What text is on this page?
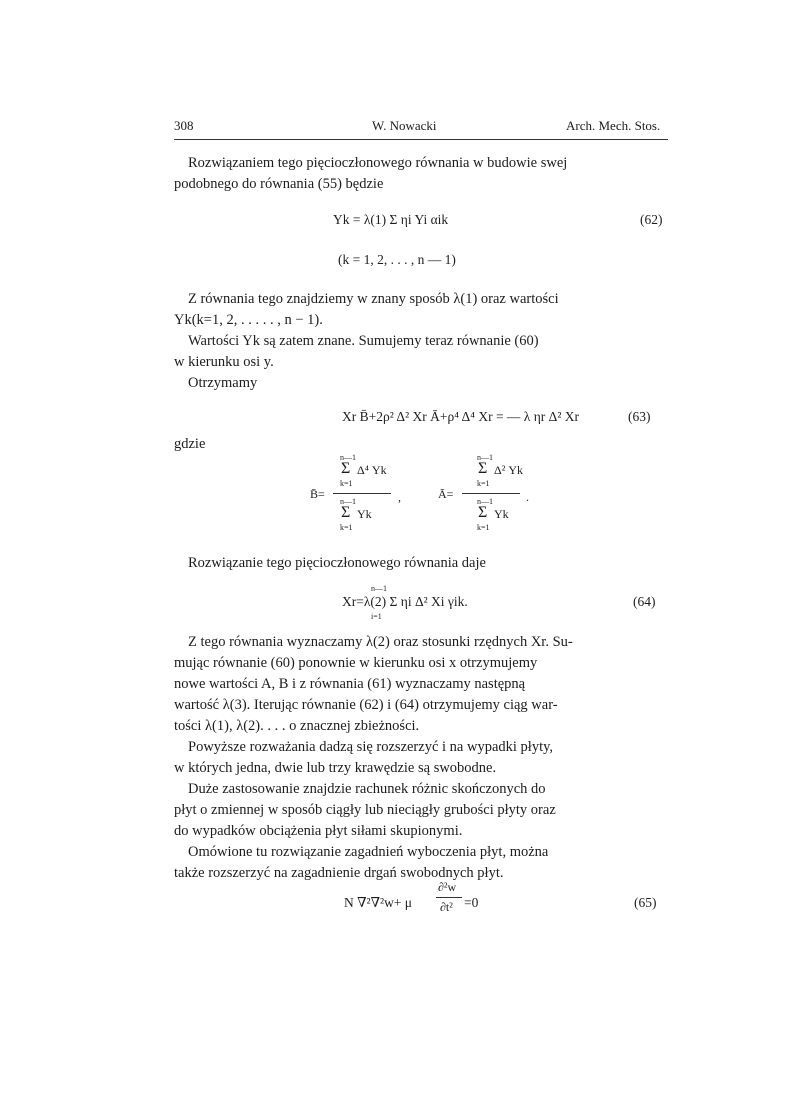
308	W. Nowacki	Arch. Mech. Stos.
Rozwiązaniem tego pięcioczłonowego równania w budowie swej
podobnego do równania (55) będzie
Yk = λ(1) Σ ηi Yi αik	(62)
(k = 1, 2, . . . , n — 1)
Z równania tego znajdziemy w znany sposób λ(1) oraz wartości
Yk(k=1, 2, . . . . . , n − 1).
Wartości Yk są zatem znane. Sumujemy teraz równanie (60)
w kierunku osi y.
Otrzymamy
Xr B̄+2ρ² Δ² Xr Ā+ρ⁴ Δ⁴ Xr = — λ ηr Δ² Xr	(63)
gdzie
B̄=
n—1
Σ Δ⁴ Yk
k=1
n—1
Σ Yk
k=1
,	Ā=
n—1
Σ Δ² Yk
k=1
n—1
Σ Yk
k=1
.
Rozwiązanie tego pięcioczłonowego równania daje
n—1
Xr=λ(2) Σ ηi Δ² Xi γik.
i=1
(64)
Z tego równania wyznaczamy λ(2) oraz stosunki rzędnych Xr. Su-
mując równanie (60) ponownie w kierunku osi x otrzymujemy
nowe wartości A, B i z równania (61) wyznaczamy następną
wartość λ(3). Iterując równanie (62) i (64) otrzymujemy ciąg war-
tości λ(1), λ(2). . . . o znacznej zbieżności.
Powyższe rozważania dadzą się rozszerzyć i na wypadki płyty,
w których jedna, dwie lub trzy krawędzie są swobodne.
Duże zastosowanie znajdzie rachunek różnic skończonych do
płyt o zmiennej w sposób ciągły lub nieciągły grubości płyty oraz
do wypadków obciążenia płyt siłami skupionymi.
Omówione tu rozwiązanie zagadnień wyboczenia płyt, można
także rozszerzyć na zagadnienie drgań swobodnych płyt.
N ∇²∇²w+ μ
∂²w
∂t² =0	(65)
